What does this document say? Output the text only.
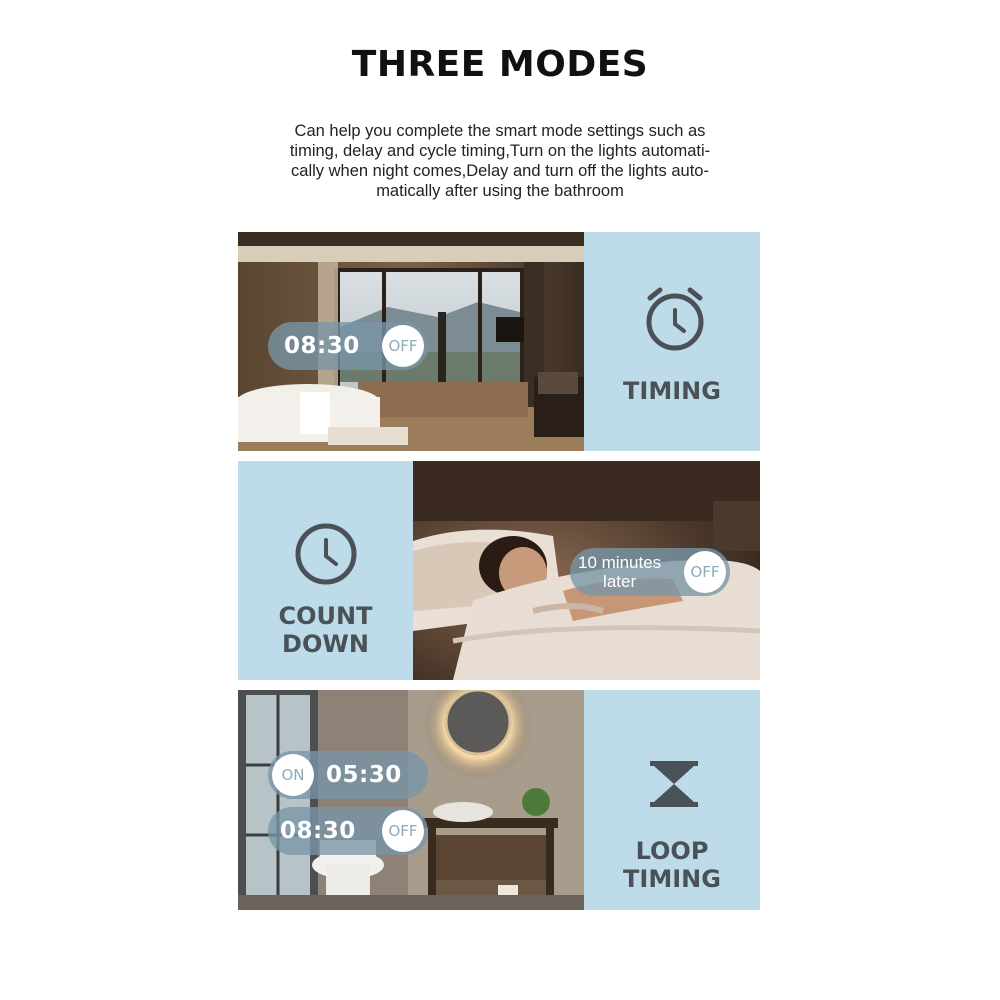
THREE MODES

Can help you complete the smart mode settings such as
timing, delay and cycle timing,Turn on the lights automati-
cally when night comes,Delay and turn off the lights auto-
matically after using the bathroom

08:30	OFF
TIMING
COUNT
DOWN
10 minutes
later	OFF
ON 05:30
08:30	OFF
LOOP
TIMING
